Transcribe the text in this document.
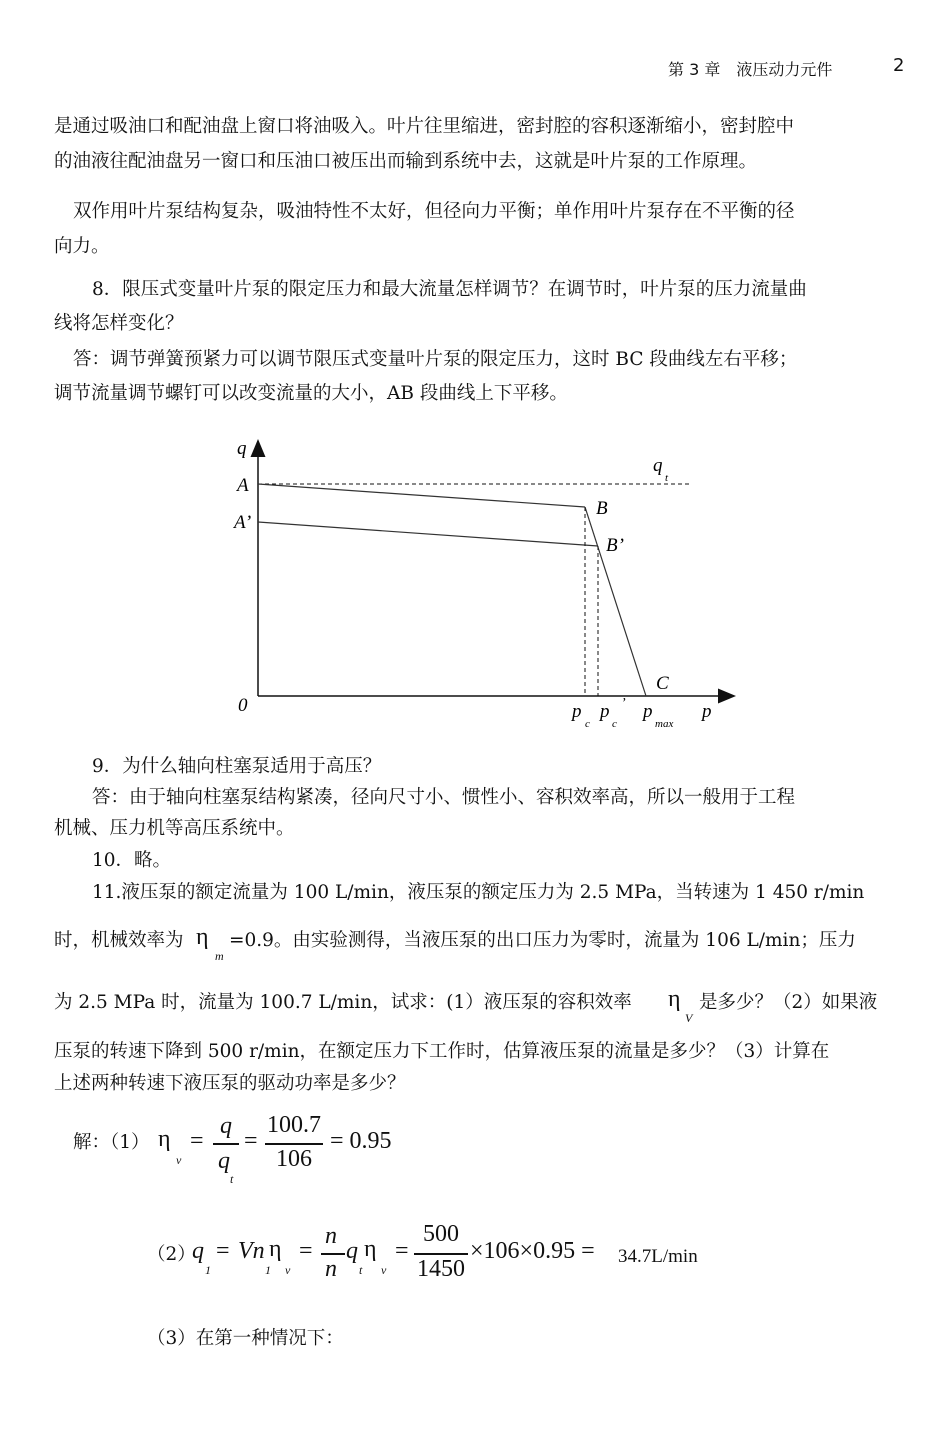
第 3 章　液压动力元件	2
是通过吸油口和配油盘上窗口将油吸入。叶片往里缩进，密封腔的容积逐渐缩小，密封腔中
的油液往配油盘另一窗口和压油口被压出而输到系统中去，这就是叶片泵的工作原理。
双作用叶片泵结构复杂，吸油特性不太好，但径向力平衡；单作用叶片泵存在不平衡的径
向力。
8．限压式变量叶片泵的限定压力和最大流量怎样调节？在调节时，叶片泵的压力流量曲
线将怎样变化？
答：调节弹簧预紧力可以调节限压式变量叶片泵的限定压力，这时 BC 段曲线左右平移；
调节流量调节螺钉可以改变流量的大小，AB 段曲线上下平移。
q
A
A’
0
B
B’
C
q
t
p
c
p
c
’ p
max
p
9．为什么轴向柱塞泵适用于高压？
答：由于轴向柱塞泵结构紧凑，径向尺寸小、惯性小、容积效率高，所以一般用于工程
机械、压力机等高压系统中。
10．略。
11.液压泵的额定流量为 100 L/min，液压泵的额定压力为 2.5 MPa，当转速为 1 450 r/min
时，机械效率为 η
m
=0.9。由实验测得，当液压泵的出口压力为零时，流量为 106 L/min；压力
为 2.5 MPa 时，流量为 100.7 L/min，试求：(1）液压泵的容积效率 η
V
是多少？（2）如果液
压泵的转速下降到 500 r/min，在额定压力下工作时，估算液压泵的流量是多少？（3）计算在
上述两种转速下液压泵的驱动功率是多少？
解：（1） η
v
=
q
q
t
=
100.7
106
= 0.95
（2）
q
1
= Vn
1
η
v
=
n
n
q
t
η
v
=
500
1450
×106×0.95 = 34.7L/min
（3）在第一种情况下：
